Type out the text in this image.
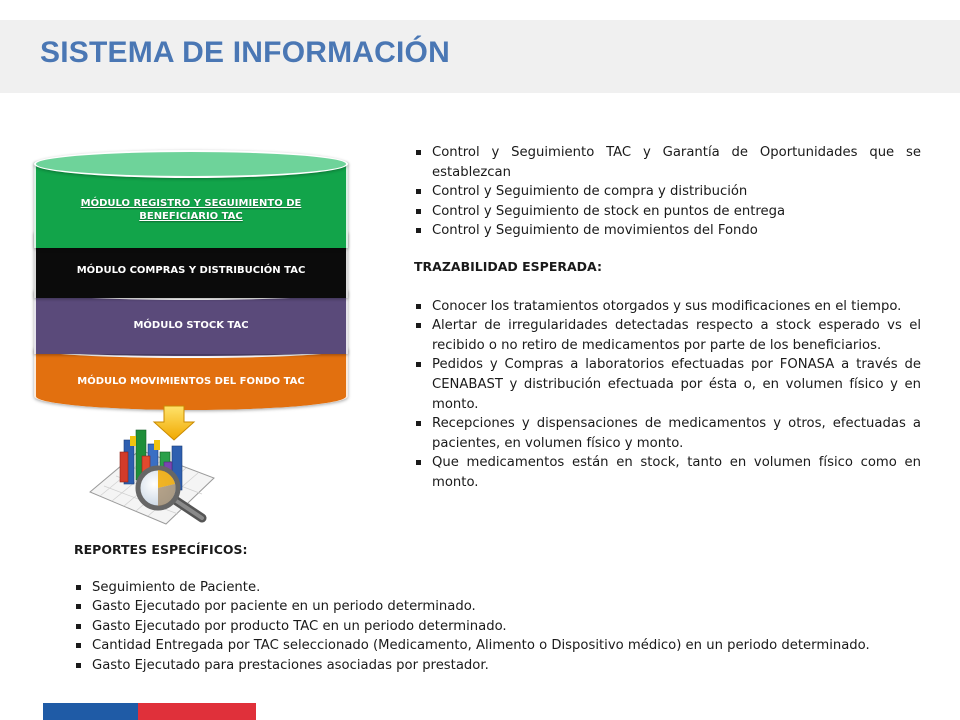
SISTEMA DE INFORMACIÓN
MÓDULO MOVIMIENTOS DEL FONDO TAC
MÓDULO STOCK TAC
MÓDULO COMPRAS Y DISTRIBUCIÓN TAC
MÓDULO REGISTRO Y SEGUIMIENTO DE BENEFICIARIO TAC
Control y Seguimiento TAC y Garantía de Oportunidades que se establezcan
Control y Seguimiento de compra y distribución
Control y Seguimiento de stock en puntos de entrega
Control y Seguimiento de movimientos del Fondo
TRAZABILIDAD ESPERADA:
Conocer los tratamientos otorgados y sus modificaciones en el tiempo.
Alertar de irregularidades detectadas respecto a stock esperado vs el recibido o no retiro de medicamentos por parte de los beneficiarios.
Pedidos y Compras a laboratorios efectuadas por FONASA a través de CENABAST y distribución efectuada por ésta o, en volumen físico y en monto.
Recepciones y dispensaciones de medicamentos y otros, efectuadas a pacientes, en volumen físico y monto.
Que medicamentos están en stock, tanto en volumen físico como en monto.
REPORTES ESPECÍFICOS:
Seguimiento de Paciente.
Gasto Ejecutado por paciente en un periodo determinado.
Gasto Ejecutado por producto TAC en un periodo determinado.
Cantidad Entregada por TAC seleccionado (Medicamento, Alimento o Dispositivo médico) en un periodo determinado.
Gasto Ejecutado para prestaciones asociadas por prestador.
